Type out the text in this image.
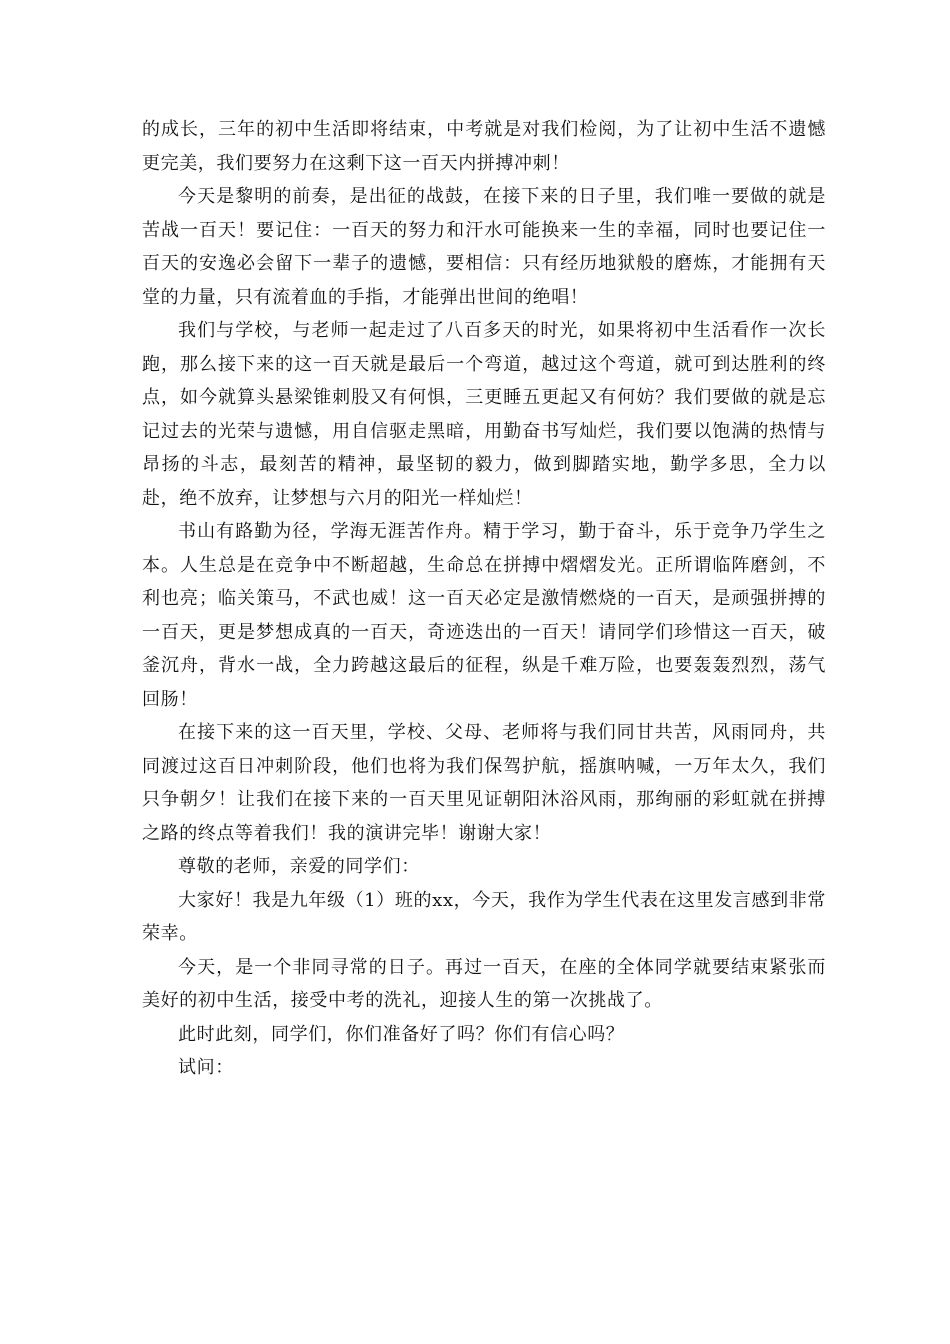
的成长，三年的初中生活即将结束，中考就是对我们检阅，为了让初中生活不遗憾更完美，我们要努力在这剩下这一百天内拼搏冲刺！

今天是黎明的前奏，是出征的战鼓，在接下来的日子里，我们唯一要做的就是苦战一百天！要记住：一百天的努力和汗水可能换来一生的幸福，同时也要记住一百天的安逸必会留下一辈子的遗憾，要相信：只有经历地狱般的磨炼，才能拥有天堂的力量，只有流着血的手指，才能弹出世间的绝唱！

我们与学校，与老师一起走过了八百多天的时光，如果将初中生活看作一次长跑，那么接下来的这一百天就是最后一个弯道，越过这个弯道，就可到达胜利的终点，如今就算头悬梁锥刺股又有何惧，三更睡五更起又有何妨？我们要做的就是忘记过去的光荣与遗憾，用自信驱走黑暗，用勤奋书写灿烂，我们要以饱满的热情与昂扬的斗志，最刻苦的精神，最坚韧的毅力，做到脚踏实地，勤学多思，全力以赴，绝不放弃，让梦想与六月的阳光一样灿烂！

书山有路勤为径，学海无涯苦作舟。精于学习，勤于奋斗，乐于竞争乃学生之本。人生总是在竞争中不断超越，生命总在拼搏中熠熠发光。正所谓临阵磨剑，不利也亮；临关策马，不武也威！这一百天必定是激情燃烧的一百天，是顽强拼搏的一百天，更是梦想成真的一百天，奇迹迭出的一百天！请同学们珍惜这一百天，破釜沉舟，背水一战，全力跨越这最后的征程，纵是千难万险，也要轰轰烈烈，荡气回肠！

在接下来的这一百天里，学校、父母、老师将与我们同甘共苦，风雨同舟，共同渡过这百日冲刺阶段，他们也将为我们保驾护航，摇旗呐喊，一万年太久，我们只争朝夕！让我们在接下来的一百天里见证朝阳沐浴风雨，那绚丽的彩虹就在拼搏之路的终点等着我们！我的演讲完毕！谢谢大家！

尊敬的老师，亲爱的同学们：

大家好！我是九年级（1）班的xx，今天，我作为学生代表在这里发言感到非常荣幸。

今天，是一个非同寻常的日子。再过一百天，在座的全体同学就要结束紧张而美好的初中生活，接受中考的洗礼，迎接人生的第一次挑战了。

此时此刻，同学们，你们准备好了吗？你们有信心吗？

试问：
